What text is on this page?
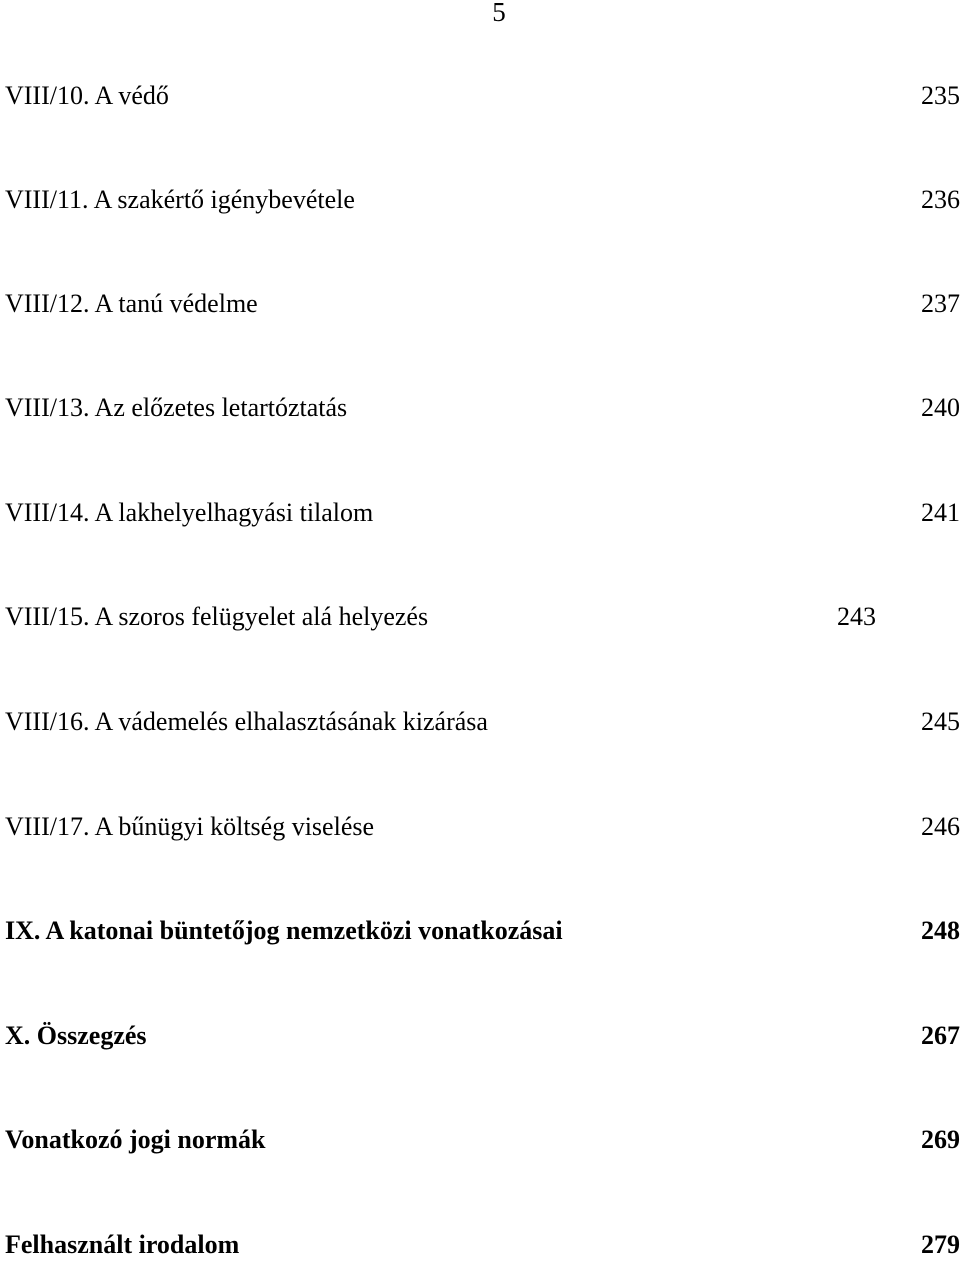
5
VIII/10. A védő	235
VIII/11. A szakértő igénybevétele	236
VIII/12. A tanú védelme	237
VIII/13. Az előzetes letartóztatás	240
VIII/14. A lakhelyelhagyási tilalom	241
VIII/15. A szoros felügyelet alá helyezés	243
VIII/16. A vádemelés elhalasztásának kizárása	245
VIII/17. A bűnügyi költség viselése	246
IX. A katonai büntetőjog nemzetközi vonatkozásai	248
X. Összegzés	267
Vonatkozó jogi normák	269
Felhasznált irodalom	279
